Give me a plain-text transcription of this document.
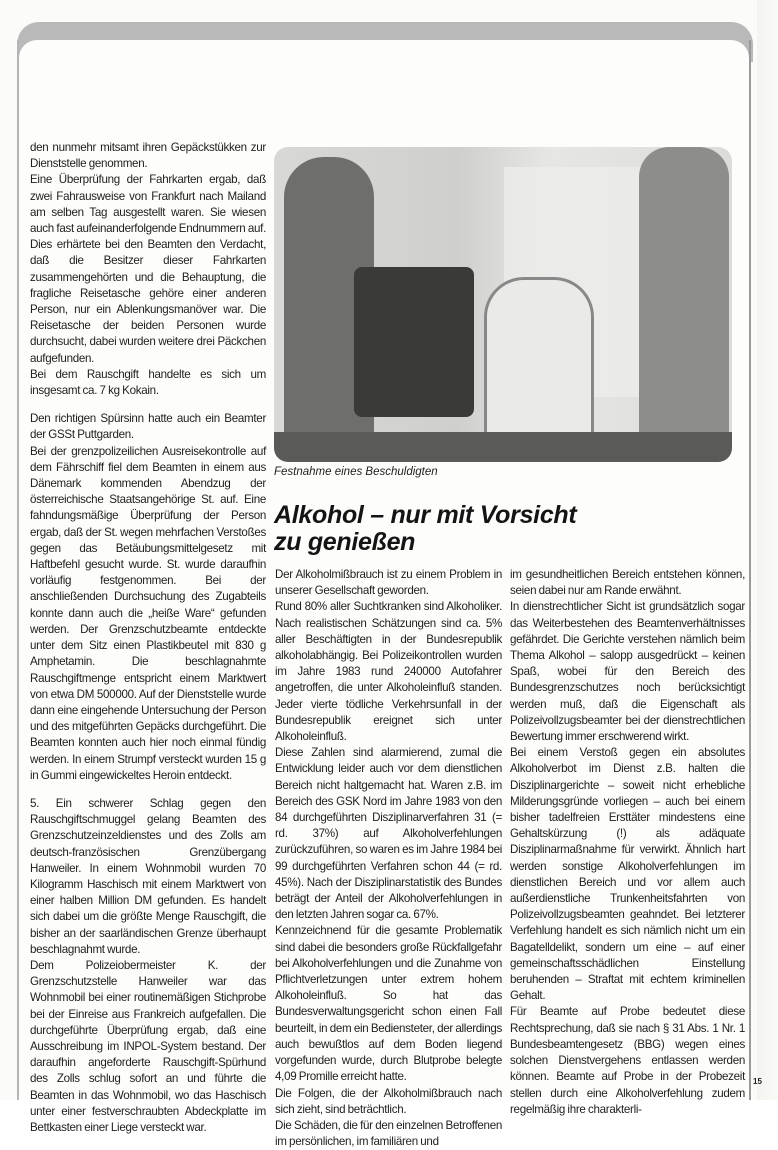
den nunmehr mitsamt ihren Gepäckstükken zur Dienststelle genommen.

Eine Überprüfung der Fahrkarten ergab, daß zwei Fahrausweise von Frankfurt nach Mailand am selben Tag ausgestellt waren. Sie wiesen auch fast aufeinanderfolgende Endnummern auf. Dies erhärtete bei den Beamten den Verdacht, daß die Besitzer dieser Fahrkarten zusammengehörten und die Behauptung, die fragliche Reisetasche gehöre einer anderen Person, nur ein Ablenkungsmanöver war. Die Reisetasche der beiden Personen wurde durchsucht, dabei wurden weitere drei Päckchen aufgefunden.

Bei dem Rauschgift handelte es sich um insgesamt ca. 7 kg Kokain.

Den richtigen Spürsinn hatte auch ein Beamter der GSSt Puttgarden.

Bei der grenzpolizeilichen Ausreisekontrolle auf dem Fährschiff fiel dem Beamten in einem aus Dänemark kommenden Abendzug der österreichische Staatsangehörige St. auf. Eine fahndungsmäßige Überprüfung der Person ergab, daß der St. wegen mehrfachen Verstoßes gegen das Betäubungsmittelgesetz mit Haftbefehl gesucht wurde. St. wurde daraufhin vorläufig festgenommen. Bei der anschließenden Durchsuchung des Zugabteils konnte dann auch die „heiße Ware“ gefunden werden. Der Grenzschutzbeamte entdeckte unter dem Sitz einen Plastikbeutel mit 830 g Amphetamin. Die beschlagnahmte Rauschgiftmenge entspricht einem Marktwert von etwa DM 500000. Auf der Dienststelle wurde dann eine eingehende Untersuchung der Person und des mitgeführten Gepäcks durchgeführt. Die Beamten konnten auch hier noch einmal fündig werden. In einem Strumpf versteckt wurden 15 g in Gummi eingewickeltes Heroin entdeckt.

5. Ein schwerer Schlag gegen den Rauschgiftschmuggel gelang Beamten des Grenzschutzeinzeldienstes und des Zolls am deutsch-französischen Grenzübergang Hanweiler. In einem Wohnmobil wurden 70 Kilogramm Haschisch mit einem Marktwert von einer halben Million DM gefunden. Es handelt sich dabei um die größte Menge Rauschgift, die bisher an der saarländischen Grenze überhaupt beschlagnahmt wurde.

Dem Polizeiobermeister K. der Grenzschutzstelle Hanweiler war das Wohnmobil bei einer routinemäßigen Stichprobe bei der Einreise aus Frankreich aufgefallen. Die durchgeführte Überprüfung ergab, daß eine Ausschreibung im INPOL-System bestand. Der daraufhin angeforderte Rauschgift-Spürhund des Zolls schlug sofort an und führte die Beamten in das Wohnmobil, wo das Haschisch unter einer festverschraubten Abdeckplatte im Bettkasten einer Liege versteckt war.

Festnahme eines Beschuldigten
Alkohol – nur mit Vorsicht
zu genießen

Der Alkoholmißbrauch ist zu einem Problem in unserer Gesellschaft geworden.

Rund 80% aller Suchtkranken sind Alkoholiker. Nach realistischen Schätzungen sind ca. 5% aller Beschäftigten in der Bundesrepublik alkoholabhängig. Bei Polizeikontrollen wurden im Jahre 1983 rund 240000 Autofahrer angetroffen, die unter Alkoholeinfluß standen. Jeder vierte tödliche Verkehrsunfall in der Bundesrepublik ereignet sich unter Alkoholeinfluß.

Diese Zahlen sind alarmierend, zumal die Entwicklung leider auch vor dem dienstlichen Bereich nicht haltgemacht hat. Waren z.B. im Bereich des GSK Nord im Jahre 1983 von den 84 durchgeführten Disziplinarverfahren 31 (= rd. 37%) auf Alkoholverfehlungen zurückzuführen, so waren es im Jahre 1984 bei 99 durchgeführten Verfahren schon 44 (= rd. 45%). Nach der Disziplinarstatistik des Bundes beträgt der Anteil der Alkoholverfehlungen in den letzten Jahren sogar ca. 67%.

Kennzeichnend für die gesamte Problematik sind dabei die besonders große Rückfallgefahr bei Alkoholverfehlungen und die Zunahme von Pflichtverletzungen unter extrem hohem Alkoholeinfluß. So hat das Bundesverwaltungsgericht schon einen Fall beurteilt, in dem ein Bediensteter, der allerdings auch bewußtlos auf dem Boden liegend vorgefunden wurde, durch Blutprobe belegte 4,09 Promille erreicht hatte.

Die Folgen, die der Alkoholmißbrauch nach sich zieht, sind beträchtlich.

Die Schäden, die für den einzelnen Betroffenen im persönlichen, im familiären und

im gesundheitlichen Bereich entstehen können, seien dabei nur am Rande erwähnt.

In dienstrechtlicher Sicht ist grundsätzlich sogar das Weiterbestehen des Beamtenverhältnisses gefährdet. Die Gerichte verstehen nämlich beim Thema Alkohol – salopp ausgedrückt – keinen Spaß, wobei für den Bereich des Bundesgrenzschutzes noch berücksichtigt werden muß, daß die Eigenschaft als Polizeivollzugsbeamter bei der dienstrechtlichen Bewertung immer erschwerend wirkt.

Bei einem Verstoß gegen ein absolutes Alkoholverbot im Dienst z.B. halten die Disziplinargerichte – soweit nicht erhebliche Milderungsgründe vorliegen – auch bei einem bisher tadelfreien Ersttäter mindestens eine Gehaltskürzung (!) als adäquate Disziplinarmaßnahme für verwirkt. Ähnlich hart werden sonstige Alkoholverfehlungen im dienstlichen Bereich und vor allem auch außerdienstliche Trunkenheitsfahrten von Polizeivollzugsbeamten geahndet. Bei letzterer Verfehlung handelt es sich nämlich nicht um ein Bagatelldelikt, sondern um eine – auf einer gemeinschaftsschädlichen Einstellung beruhenden – Straftat mit echtem kriminellen Gehalt.

Für Beamte auf Probe bedeutet diese Rechtsprechung, daß sie nach § 31 Abs. 1 Nr. 1 Bundesbeamtengesetz (BBG) wegen eines solchen Dienstvergehens entlassen werden können. Beamte auf Probe in der Probezeit stellen durch eine Alkoholverfehlung zudem regelmäßig ihre charakterli-

15
